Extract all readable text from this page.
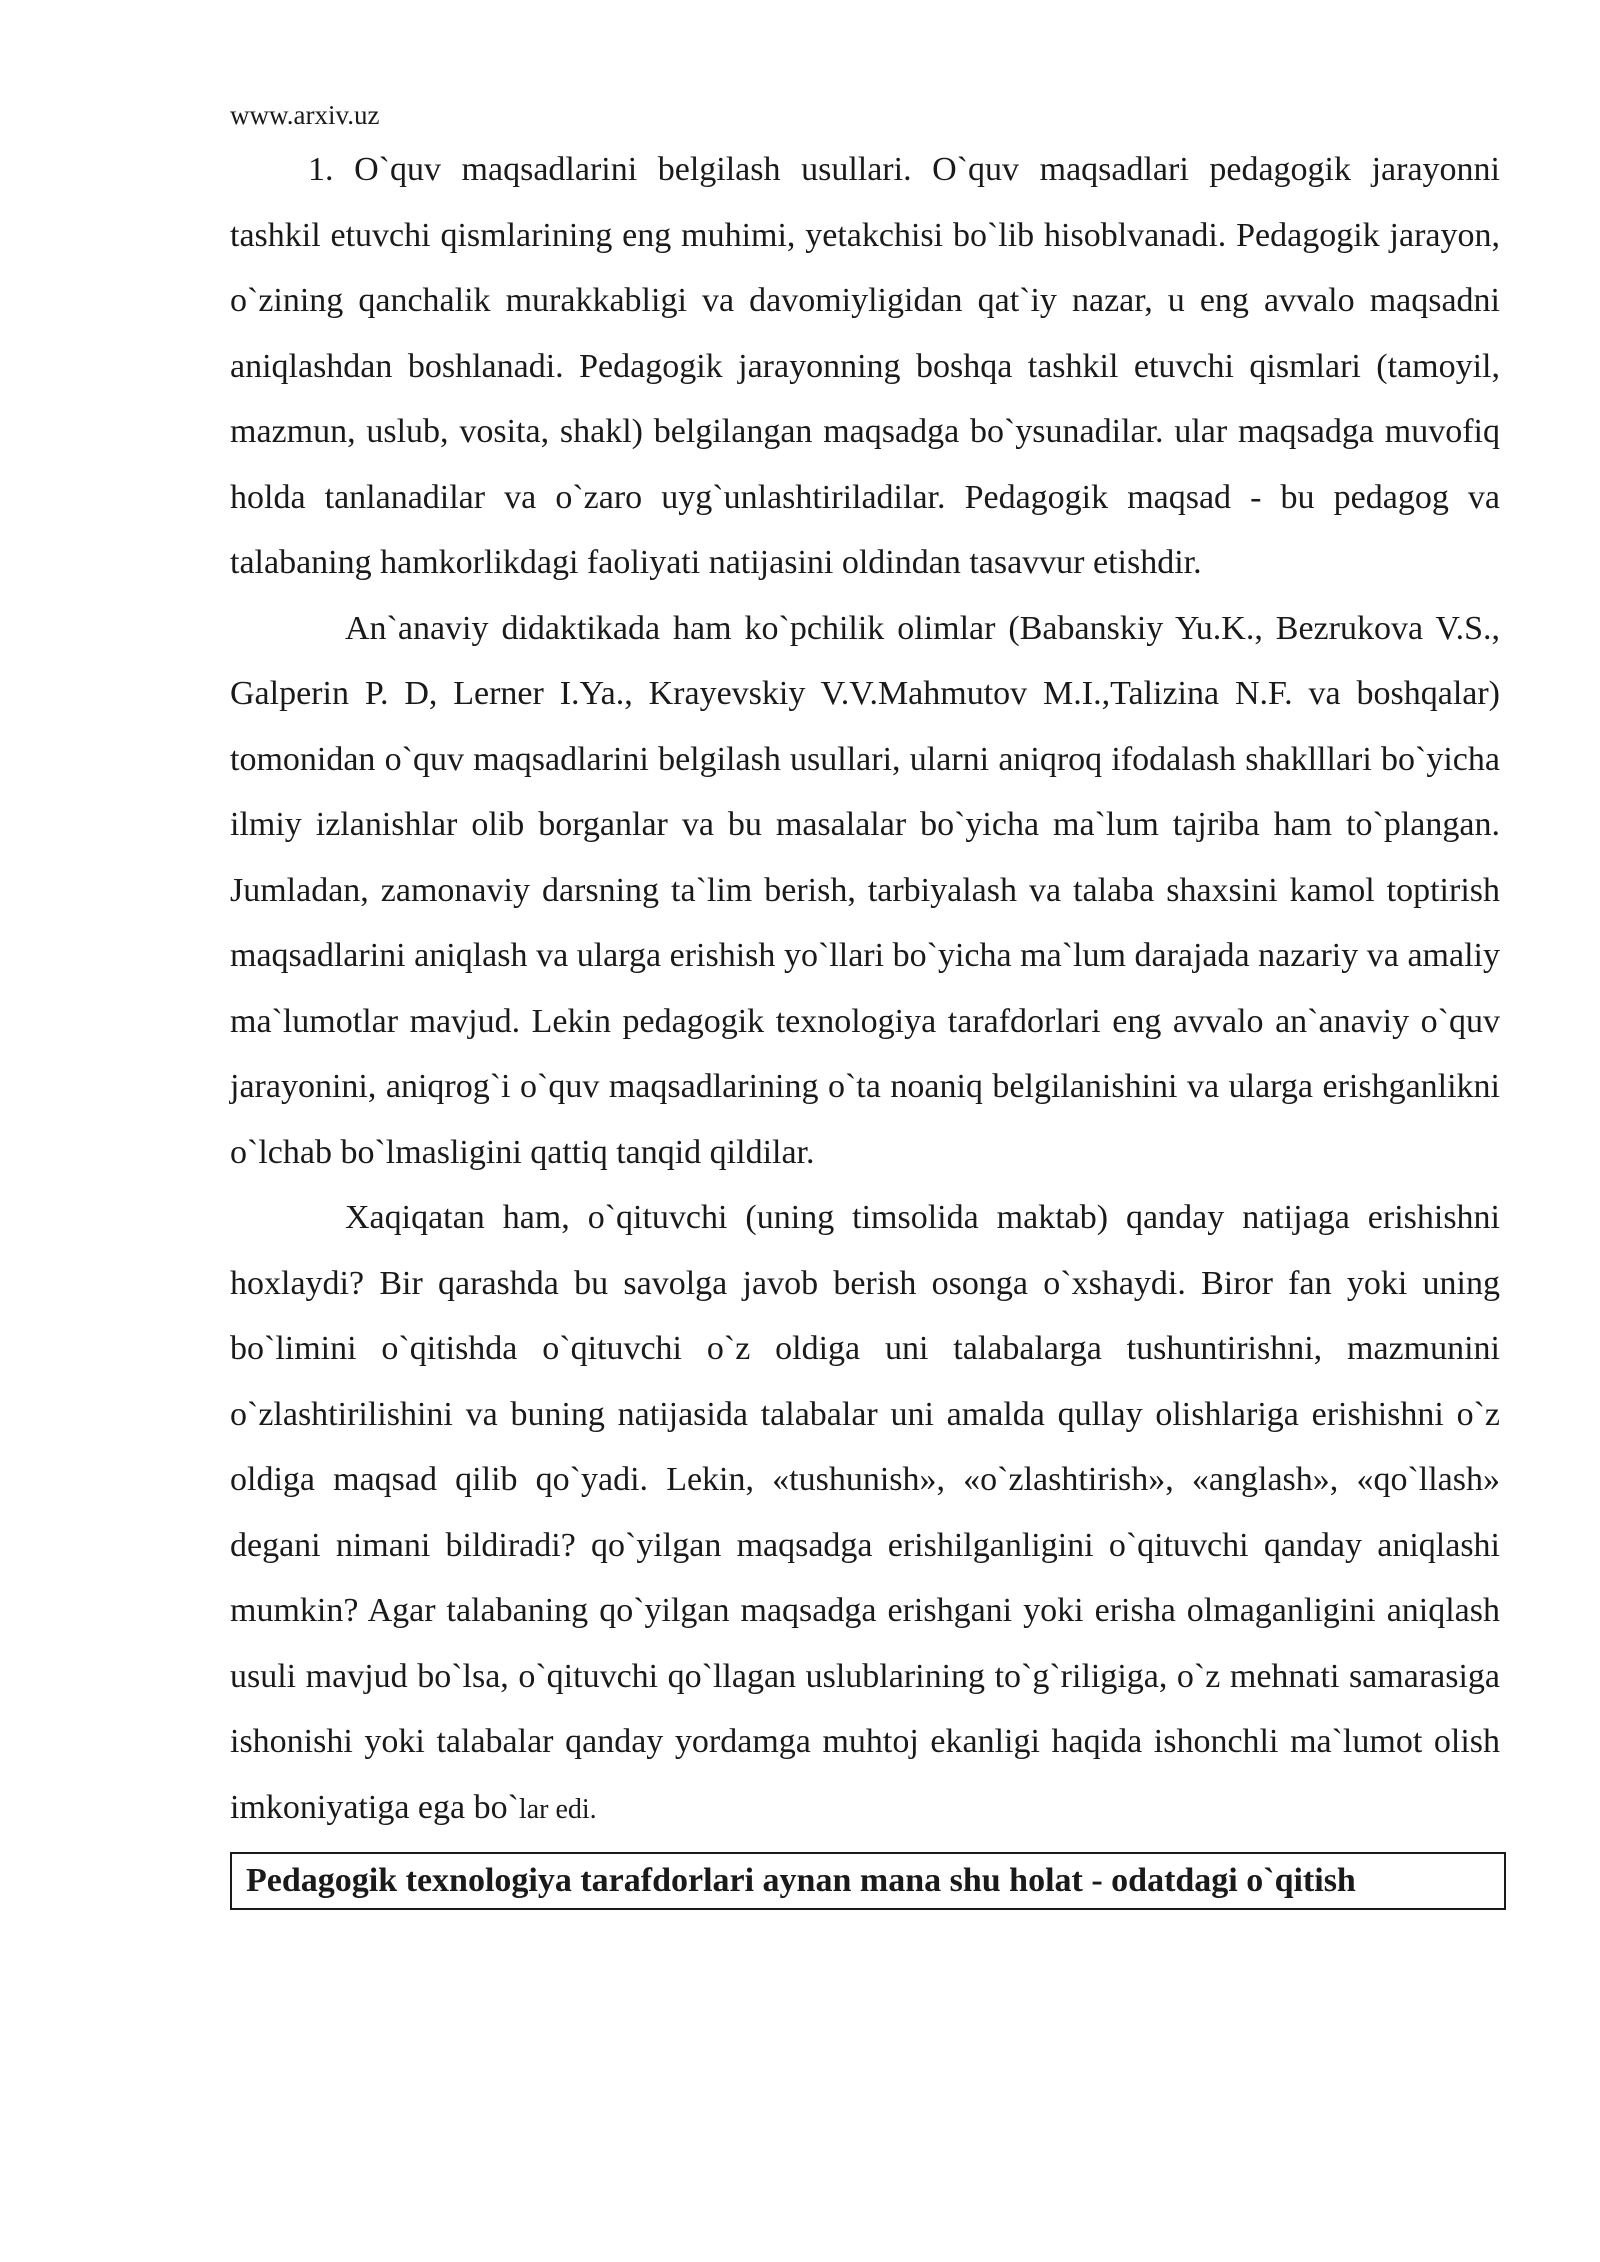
www.arxiv.uz

1. O`quv maqsadlarini belgilash usullari. O`quv maqsadlari pedagogik jarayonni tashkil etuvchi qismlarining eng muhimi, yetakchisi bo`lib hisoblvanadi. Pedagogik jarayon, o`zining qanchalik murakkabligi va davomiyligidan qat`iy nazar, u eng avvalo maqsadni aniqlashdan boshlanadi. Pedagogik jarayonning boshqa tashkil etuvchi qismlari (tamoyil, mazmun, uslub, vosita, shakl) belgilangan maqsadga bo`ysunadilar. ular maqsadga muvofiq holda tanlanadilar va o`zaro uyg`unlashtiriladilar. Pedagogik maqsad - bu pedagog va talabaning hamkorlikdagi faoliyati natijasini oldindan tasavvur etishdir.

An`anaviy didaktikada ham ko`pchilik olimlar (Babanskiy Yu.K., Bezrukova V.S., Galperin P. D, Lerner I.Ya., Krayevskiy V.V.Mahmutov M.I.,Talizina N.F. va boshqalar) tomonidan o`quv maqsadlarini belgilash usullari, ularni aniqroq ifodalash shaklllari bo`yicha ilmiy izlanishlar olib borganlar va bu masalalar bo`yicha ma`lum tajriba ham to`plangan. Jumladan, zamonaviy darsning ta`lim berish, tarbiyalash va talaba shaxsini kamol toptirish maqsadlarini aniqlash va ularga erishish yo`llari bo`yicha ma`lum darajada nazariy va amaliy ma`lumotlar mavjud. Lekin pedagogik texnologiya tarafdorlari eng avvalo an`anaviy o`quv jarayonini, aniqrog`i o`quv maqsadlarining o`ta noaniq belgilanishini va ularga erishganlikni o`lchab bo`lmasligini qattiq tanqid qildilar.

Xaqiqatan ham, o`qituvchi (uning timsolida maktab) qanday natijaga erishishni hoxlaydi? Bir qarashda bu savolga javob berish osonga o`xshaydi. Biror fan yoki uning bo`limini o`qitishda o`qituvchi o`z oldiga uni talabalarga tushuntirishni, mazmunini o`zlashtirilishini va buning natijasida talabalar uni amalda qullay olishlariga erishishni o`z oldiga maqsad qilib qo`yadi. Lekin, «tushunish», «o`zlashtirish», «anglash», «qo`llash» degani nimani bildiradi? qo`yilgan maqsadga erishilganligini o`qituvchi qanday aniqlashi mumkin? Agar talabaning qo`yilgan maqsadga erishgani yoki erisha olmaganligini aniqlash usuli mavjud bo`lsa, o`qituvchi qo`llagan uslublarining to`g`riligiga, o`z mehnati samarasiga ishonishi yoki talabalar qanday yordamga muhtoj ekanligi haqida ishonchli ma`lumot olish imkoniyatiga ega bo`lar edi.

Pedagogik texnologiya tarafdorlari aynan mana shu holat - odatdagi o`qitish
